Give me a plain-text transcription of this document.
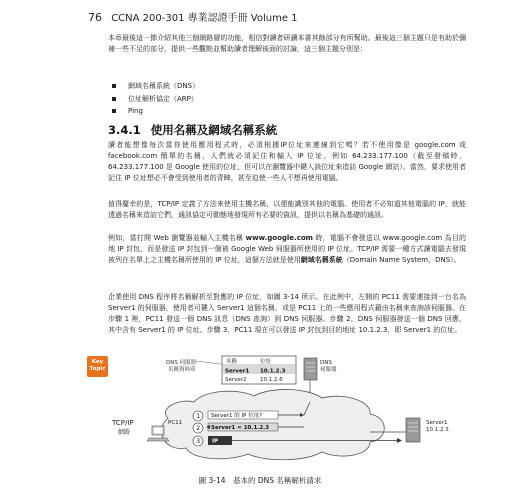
76 CCNA 200-301 專業認證手冊 Volume 1
本章最後這一節介紹其他三個網路層的功能，相信對讀者研讀本書其餘部分有所幫助。最後這三個主題只是有助於彌補一些不足的部分，提供一些觀點並幫助讀者理解後面的討論，這三個主題分別是：
網域名稱系統（DNS）
位址解析協定（ARP）
Ping
3.4.1 使用名稱及網域名稱系統
讀者能想像每次當你使用應用程式時，必須根據IP位址來連線到它嗎？若不使用像是 google.com 或 facebook.com 簡單的名稱，人們就必須記住和輸入 IP 位址，例如 64.233.177.100（截至發稿時，64.233.177.100 是 Google 使用的位址，但可以在瀏覽器中鍵入該位址來造訪 Google 網站）。當然，要求使用者記住 IP 位址想必不會受到使用者的青睞，甚至迫使一些人不想再使用電腦。
值得慶幸的是，TCP/IP 定義了方法來使用主機名稱，以便能識別其他的電腦。使用者不必知道其他電腦的 IP，就能透過名稱來造訪它們，通訊協定可動態地發現所有必要的資訊，提供以名稱為基礎的通訊。
例如，當打開 Web 瀏覽器並輸入主機名稱 www.google.com 時，電腦不會發送以 www.google.com 為目的地 IP 封包，而是發送 IP 封包到一個被 Google Web 伺服器所使用的 IP 位址。TCP/IP 需要一種方式讓電腦去發現被列在名單上之主機名稱所使用的 IP 位址，這個方法就是使用網域名稱系統（Domain Name System，DNS）。
企業使用 DNS 程序將名稱解析至對應的 IP 位址，如圖 3-14 所示。在此例中，左側的 PC11 需要連接到一台名為 Server1 的伺服器，使用者可鍵入 Server1 這個名稱，或是 PC11 上的一些應用程式藉由名稱來查詢該伺服器。在步驟 1 裡，PC11 發送一個 DNS 訊息（DNS 查詢）到 DNS 伺服器。步驟 2，DNS 伺服器發送一個 DNS 回應，其中含有 Server1 的 IP 位址。步驟 3，PC11 現在可以發送 IP 封包到目的地址 10.1.2.3，即 Server1 的位址。
Key
Topic
DNS 伺服器
名稱資料庫
名稱	位址
Server1 10.1.2.3
Server2 10.1.2.6
DNS
伺服器
TCP/IP
網路
PC11
1
2
3
Server1 的 IP 位址?
Server1 = 10.1.2.3
IP
Server1
10.1.2.3
圖 3-14　基本的 DNS 名稱解析請求
